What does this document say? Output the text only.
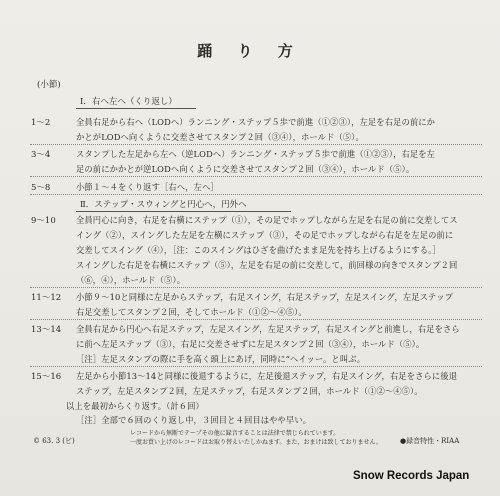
踊 り 方
(小節)
Ⅰ．右へ左へ（くり返し）
1～2	全員右足から右へ（LODへ）ランニング・ステップ５歩で前進（①②③），左足を右足の前にか
かとがLODへ向くように交差させてスタンプ２回（③④），ホールド（⑤）。
3～4	スタンプした左足から左へ（逆LODへ）ランニング・ステップ５歩で前進（①②③），右足を左
足の前にかかとが逆LODへ向くように交差させてスタンプ２回（③④），ホールド（⑤）。
5～8	小節１～４をくり返す［右へ，左へ］
Ⅱ．ステップ・スウィングと円心へ，円外へ
9～10 全員円心に向き，右足を右横にステップ（①），その足でホップしながら左足を右足の前に交差してス
イング（②），スイングした左足を左横にステップ（③），その足でホップしながら右足を左足の前に
交差してスイング（④），［注：このスイングはひざを曲げたまま足先を持ち上げるようにする。］
スイングした右足を右横にステップ（⑤），左足を右足の前に交差して，前回様の向きでスタンプ２回
（⑥，④），ホールド（⑤）。
11～12 小節９～10と同様に左足からステップ，右足スイング，右足ステップ，左足スイング，左足ステップ
右足交差してスタンプ２回，そしてホールド（①②～④⑤）。
13～14 全員右足から円心へ右足ステップ，左足スイング，左足ステップ，右足スイングと前進し，右足をさら
に前へ左足ステップ（③），右足に交差させずに左足スタンプ２回（③④），ホールド（⑤）。
［注］左足スタンプの際に手を高く頭上にあげ，同時に“ヘイッー。と叫ぶ。
15～16 左足から小節13～14と同様に後退するように，左足後退ステップ，右足スイング，右足をさらに後退
ステップ，左足スタンプ２回，左足ステップ，右足スタンプ２回，ホールド（①②～④⑤）。
以上を最初からくり返す。（計６回）
［注］全部で６回のくり返し中，３回目と４回目はやや早い。
© 63. 3 (ビ)
レコードから無断でテープその他に録音することは法律で禁じられています。
一度お買い上げのレコードはお取り替えいたしかねます。また，おまけは致しておりません。	●録音特性・RIAA
Snow Records Japan
